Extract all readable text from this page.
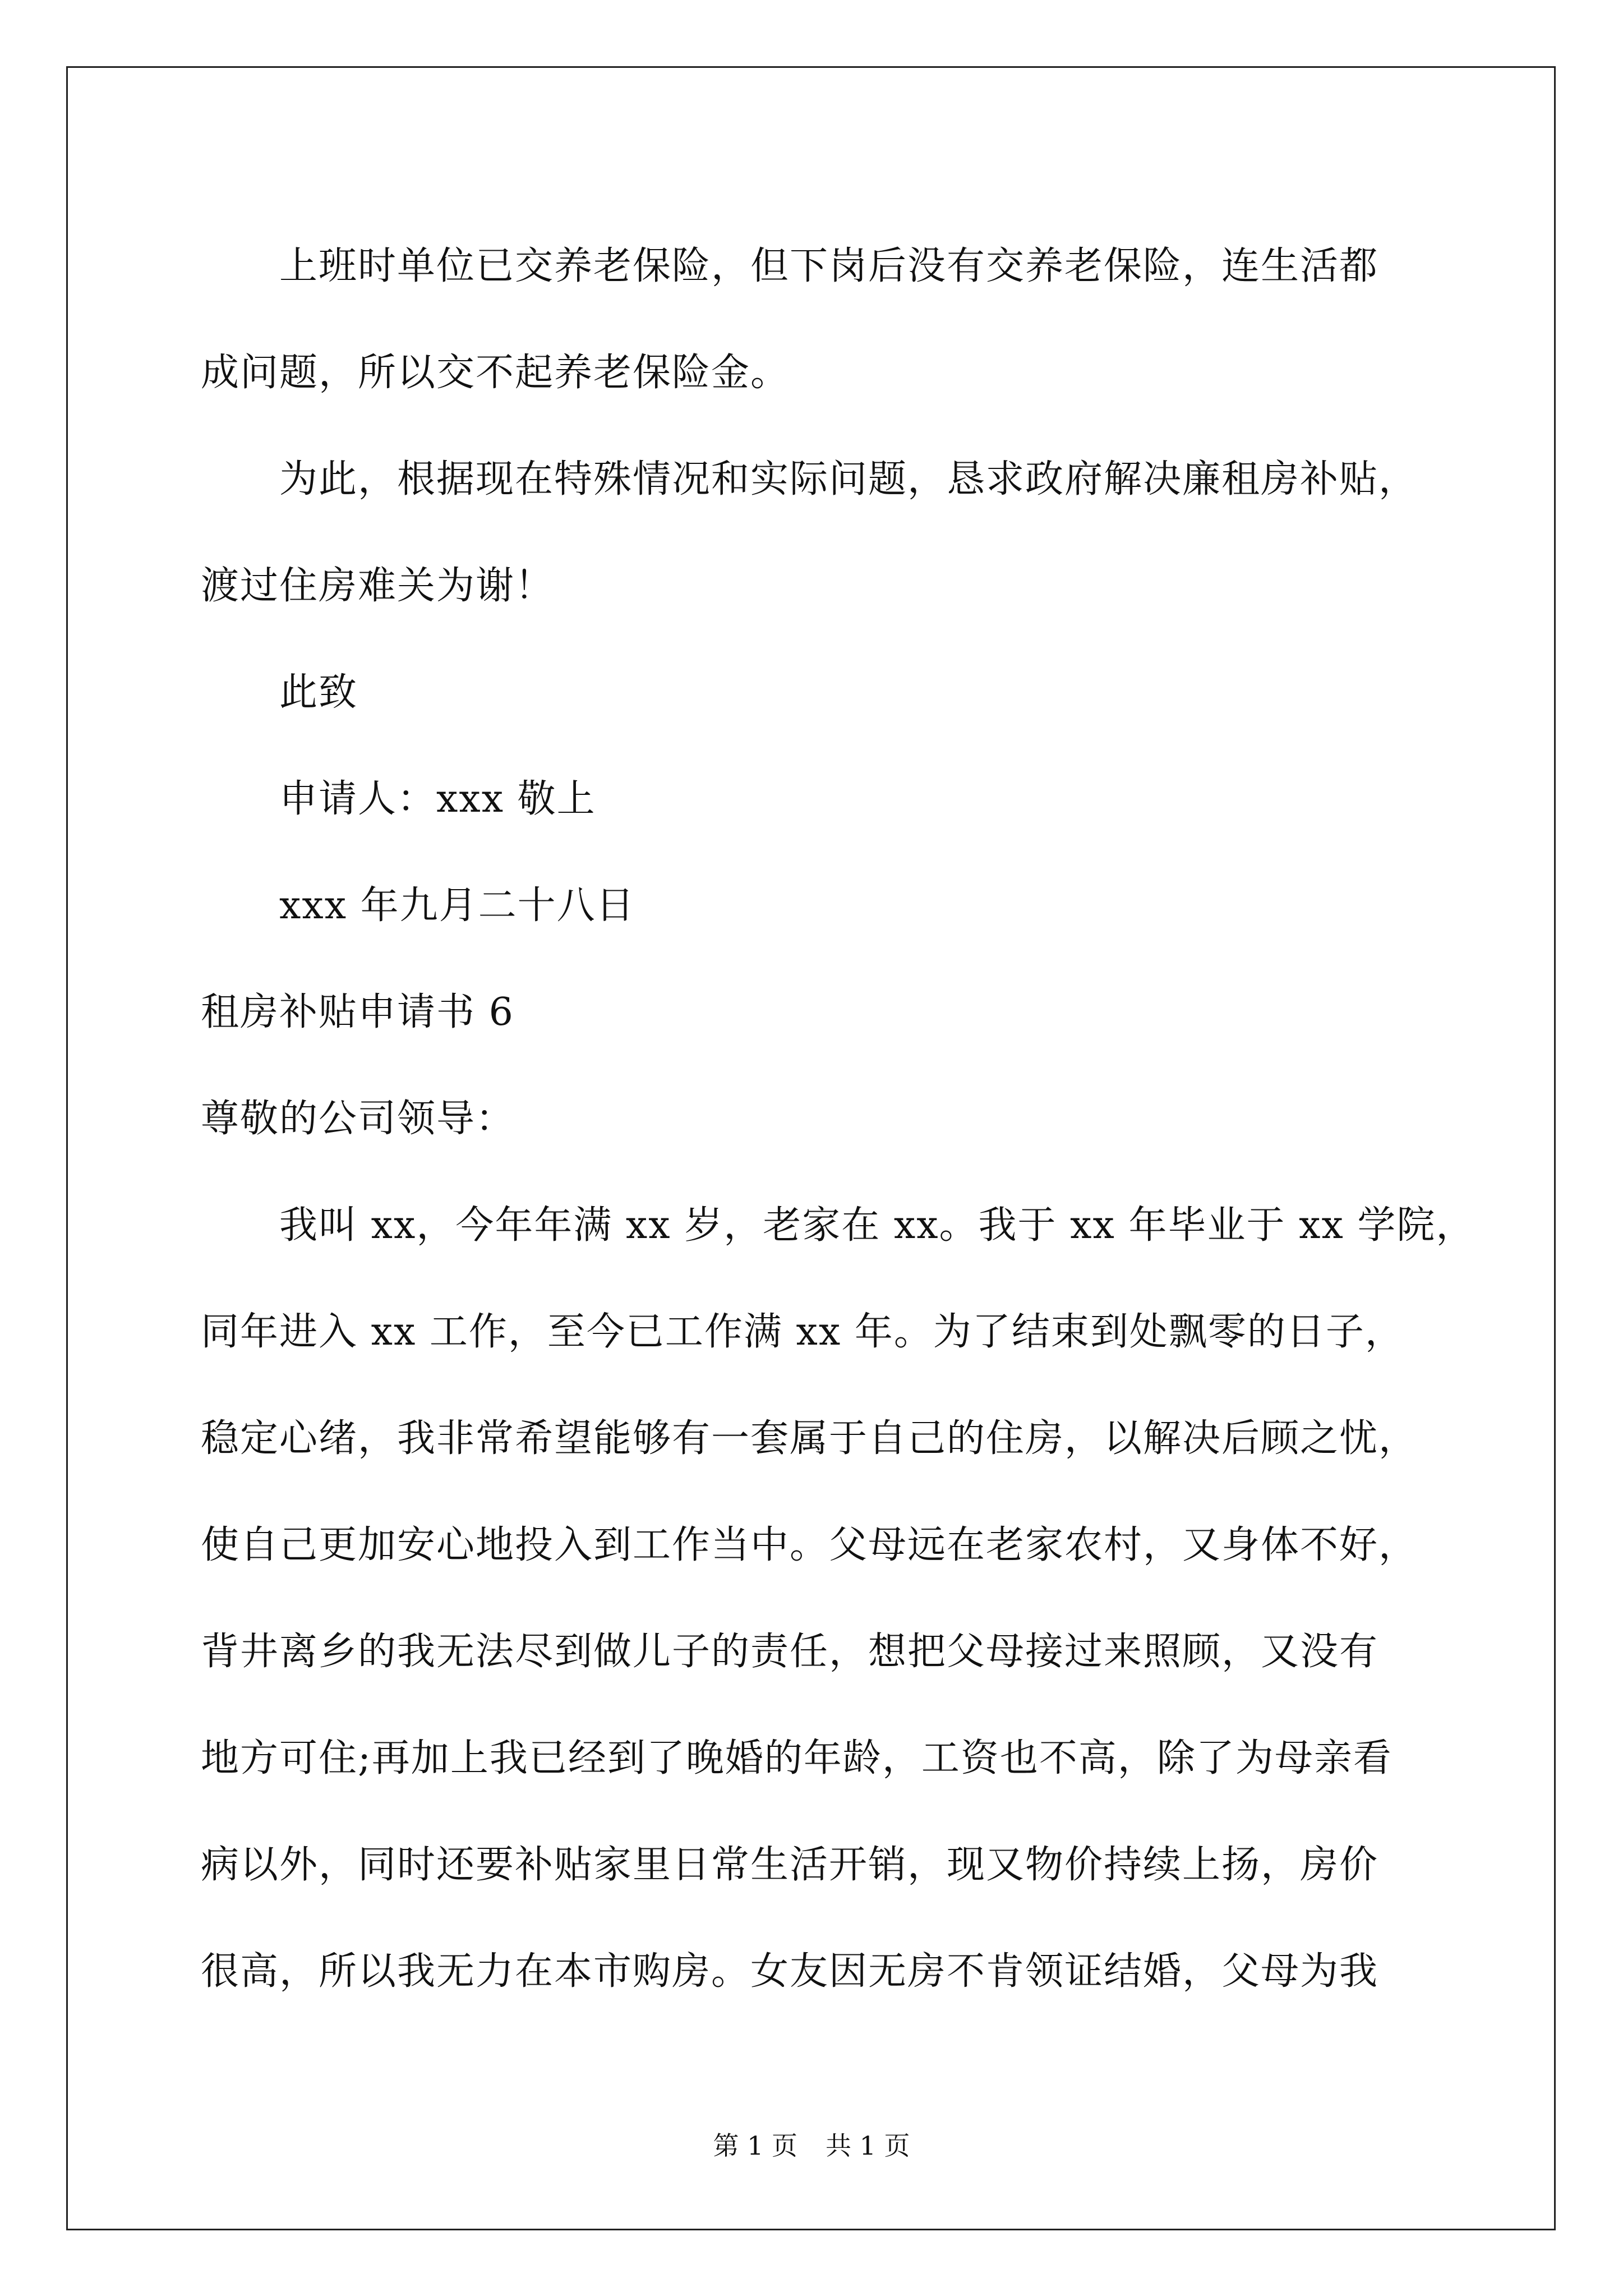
上班时单位已交养老保险，但下岗后没有交养老保险，连生活都
成问题，所以交不起养老保险金。
为此，根据现在特殊情况和实际问题，恳求政府解决廉租房补贴，
渡过住房难关为谢！
此致
申请人：xxx 敬上
xxx 年九月二十八日
租房补贴申请书 6
尊敬的公司领导：
我叫 xx，今年年满 xx 岁，老家在 xx。我于 xx 年毕业于 xx 学院，
同年进入 xx 工作，至今已工作满 xx 年。为了结束到处飘零的日子，
稳定心绪，我非常希望能够有一套属于自己的住房，以解决后顾之忧，
使自己更加安心地投入到工作当中。父母远在老家农村，又身体不好，
背井离乡的我无法尽到做儿子的责任，想把父母接过来照顾，又没有
地方可住;再加上我已经到了晚婚的年龄，工资也不高，除了为母亲看
病以外，同时还要补贴家里日常生活开销，现又物价持续上扬，房价
很高，所以我无力在本市购房。女友因无房不肯领证结婚，父母为我
第 1 页 共 1 页
